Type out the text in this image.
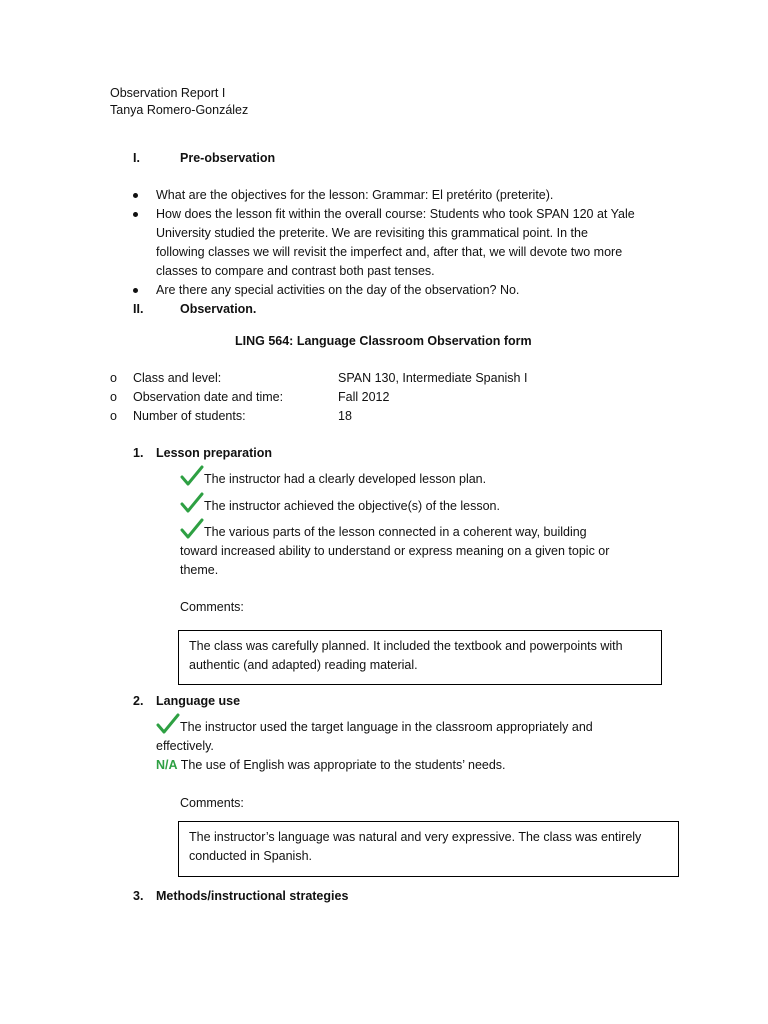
Observation Report I
Tanya Romero-González
I.	Pre-observation
What are the objectives for the lesson: Grammar: El pretérito (preterite).
How does the lesson fit within the overall course: Students who took SPAN 120 at Yale
University studied the preterite. We are revisiting this grammatical point. In the
following classes we will revisit the imperfect and, after that, we will devote two more
classes to compare and contrast both past tenses.
Are there any special activities on the day of the observation? No.
II.	Observation.
LING 564: Language Classroom Observation form
o Class and level:	SPAN 130, Intermediate Spanish I
o Observation date and time:	Fall 2012
o Number of students:	18
1. Lesson preparation
The instructor had a clearly developed lesson plan.
The instructor achieved the objective(s) of the lesson.
The various parts of the lesson connected in a coherent way, building
toward increased ability to understand or express meaning on a given topic or
theme.
Comments:
The class was carefully planned. It included the textbook and powerpoints with
authentic (and adapted) reading material.
2. Language use
The instructor used the target language in the classroom appropriately and
effectively.
N/A The use of English was appropriate to the students’ needs.
Comments:
The instructor’s language was natural and very expressive. The class was entirely
conducted in Spanish.
3. Methods/instructional strategies
